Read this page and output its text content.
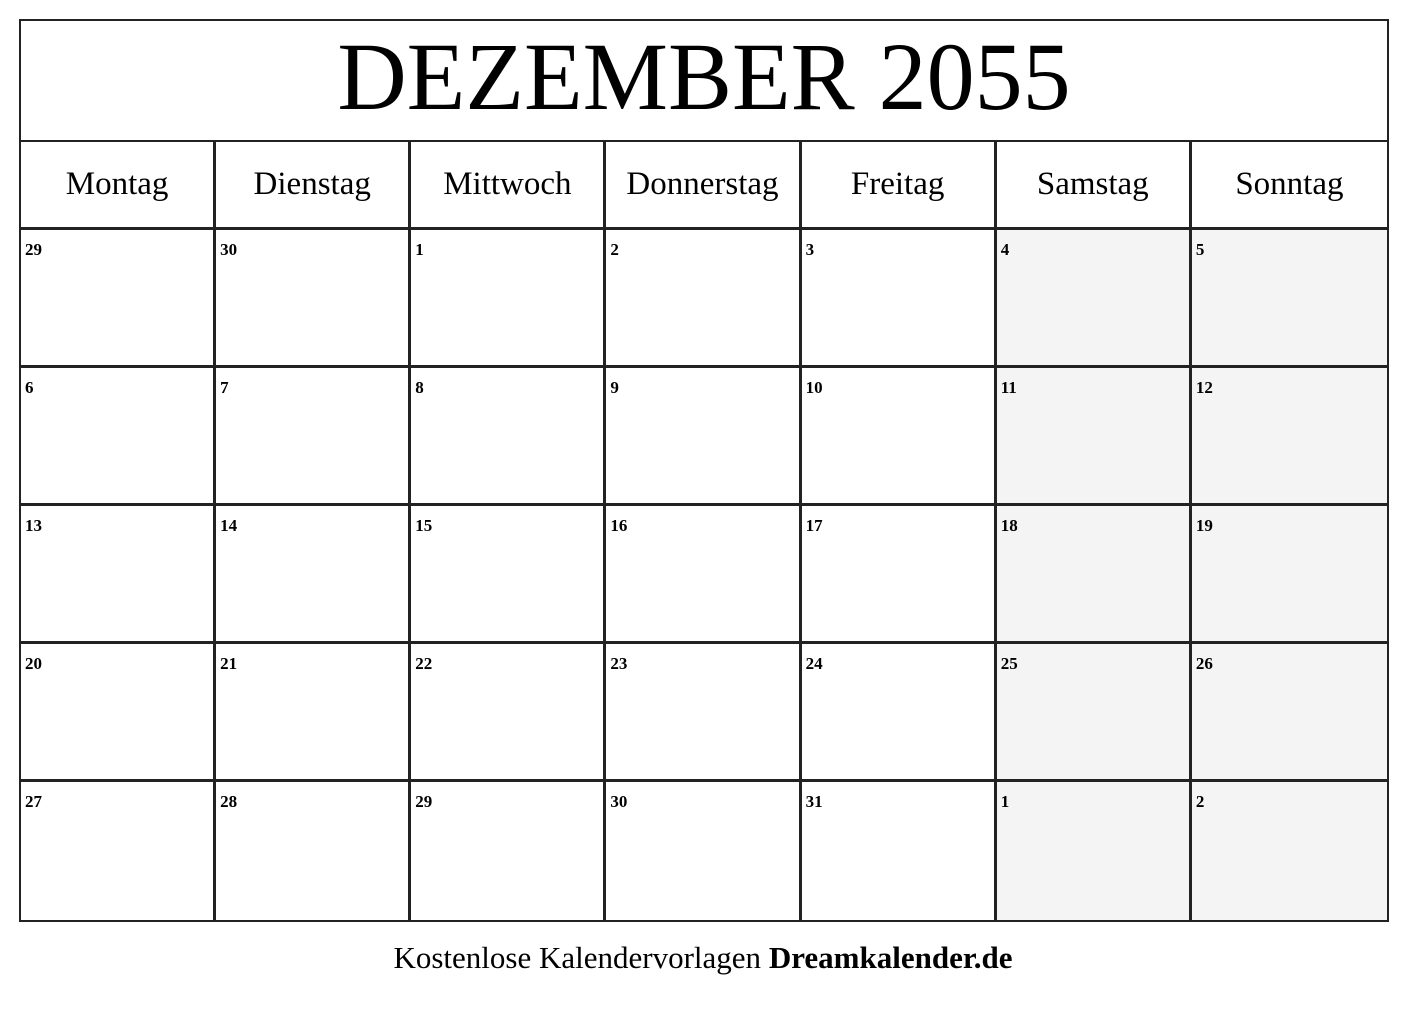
DEZEMBER 2055
Montag	Dienstag	Mittwoch	Donnerstag	Freitag	Samstag	Sonntag
29	30	1	2	3	4	5
6	7	8	9	10	11	12
13	14	15	16	17	18	19
20	21	22	23	24	25	26
27	28	29	30	31	1	2
Kostenlose Kalendervorlagen Dreamkalender.de
